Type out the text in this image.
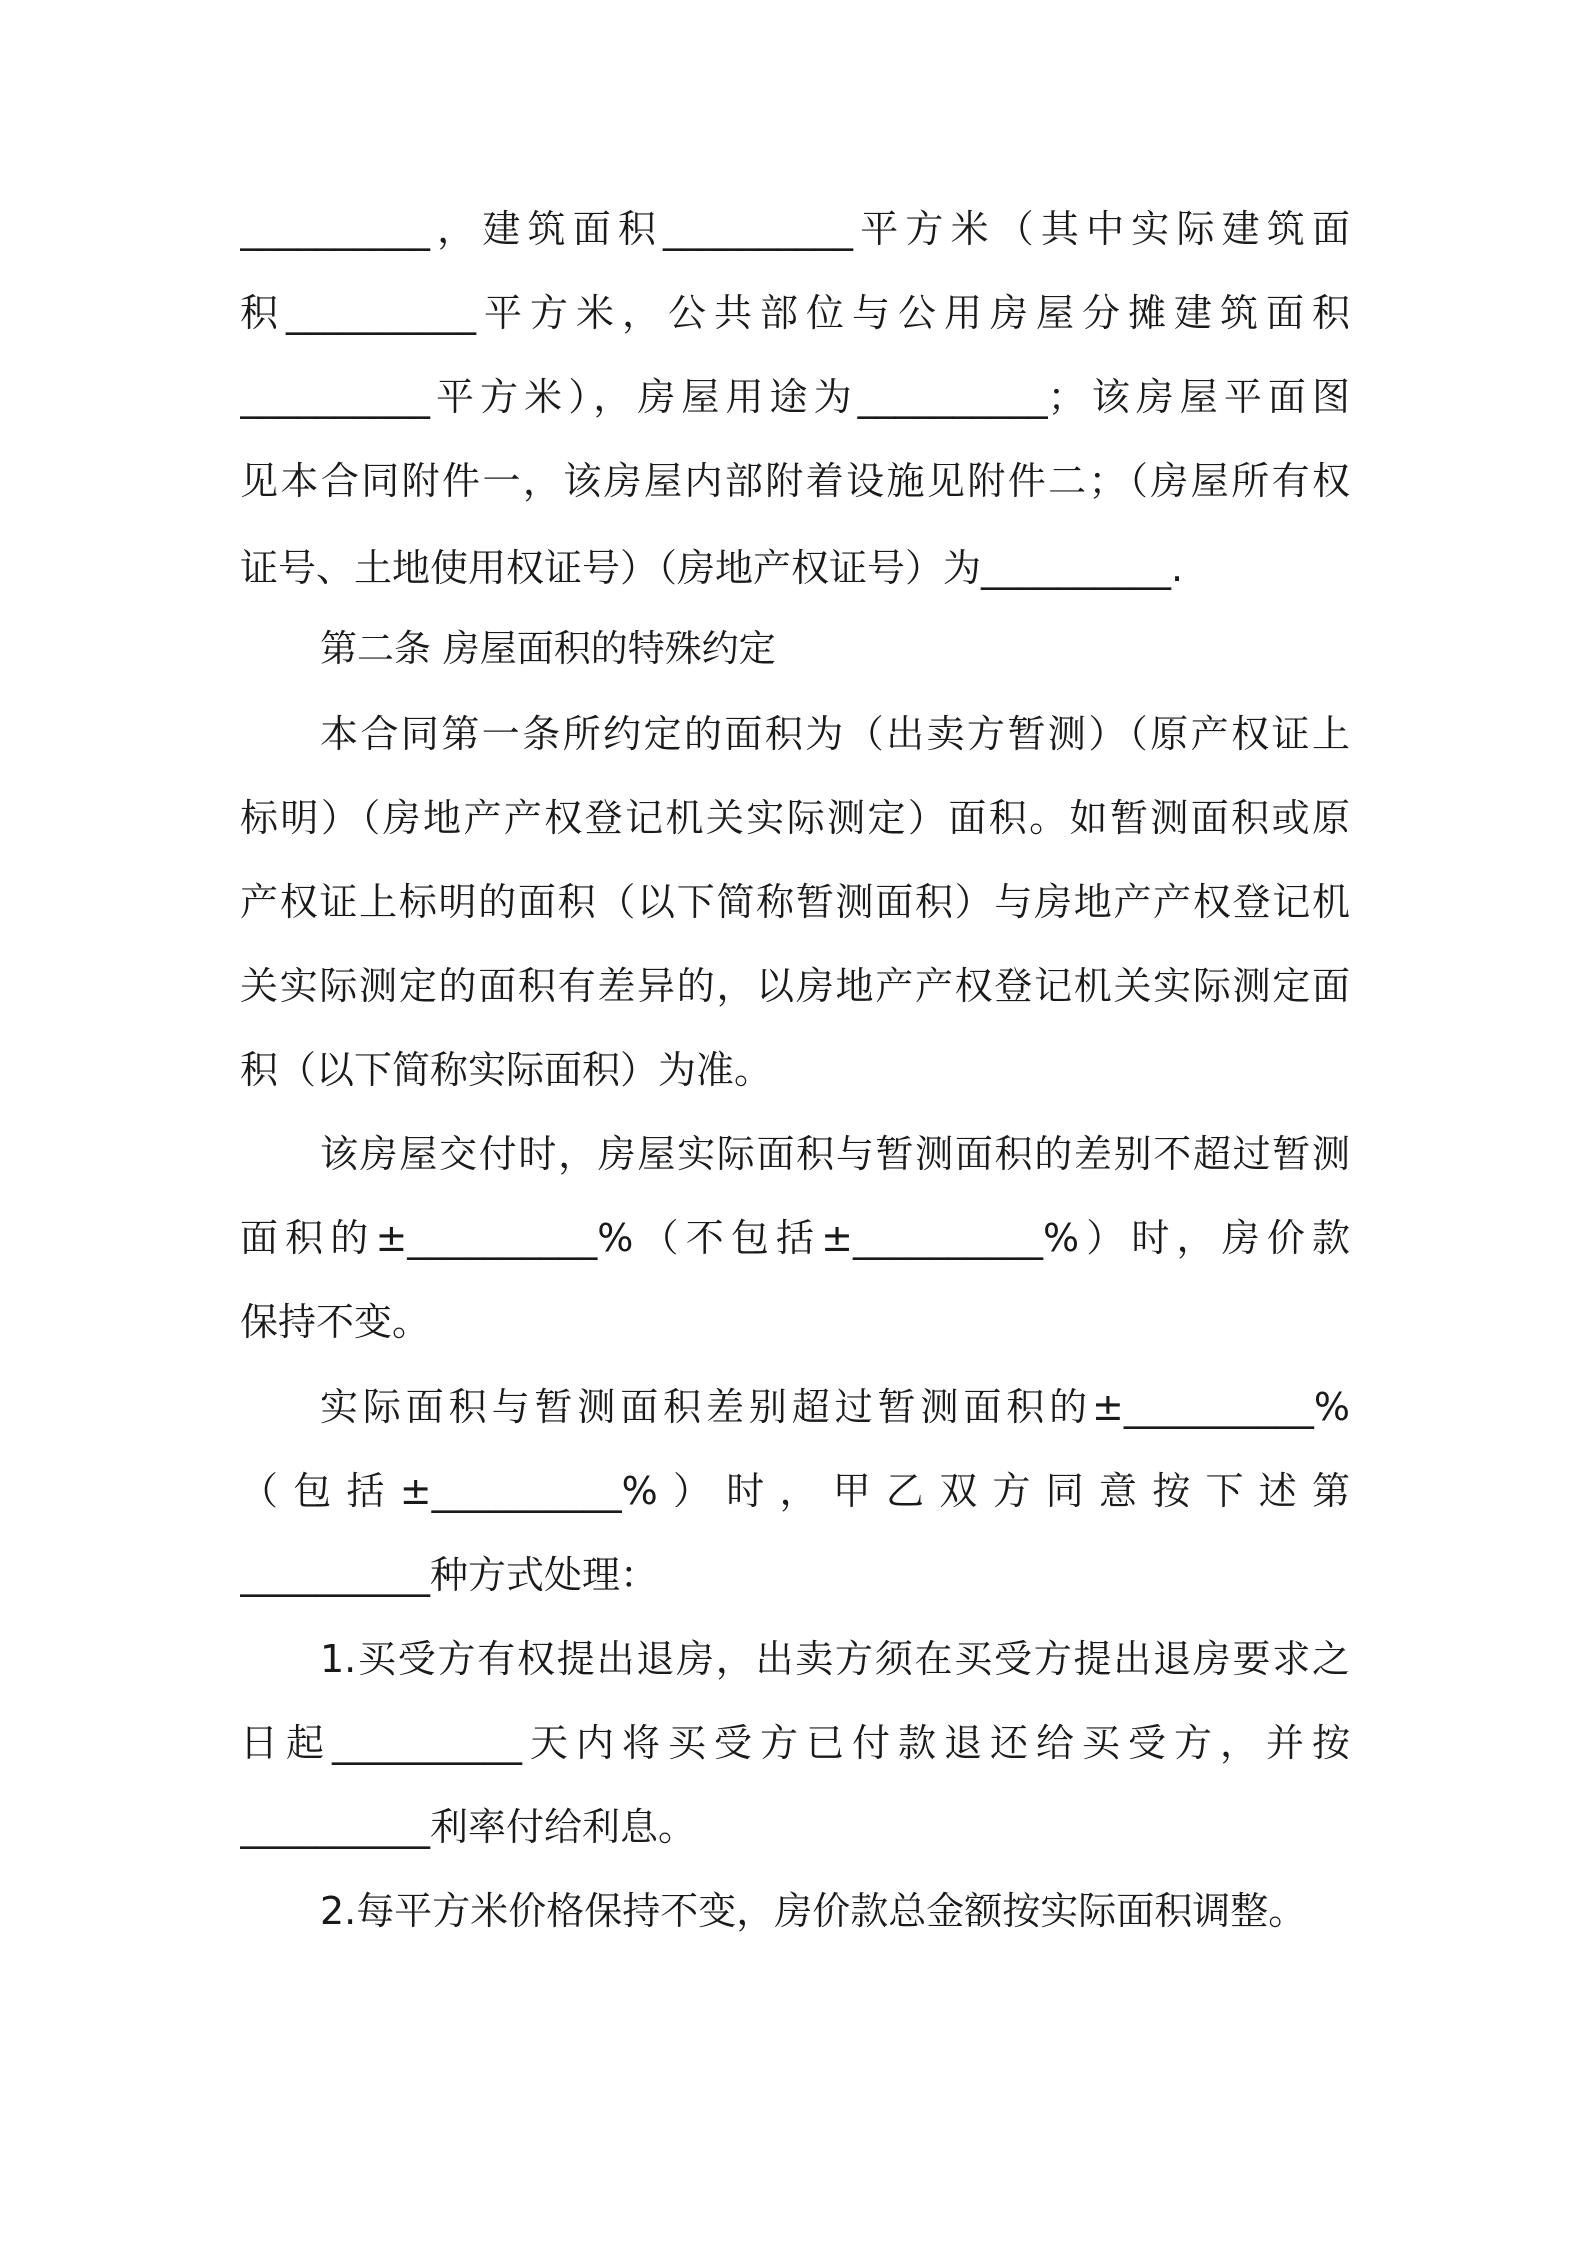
__________，建筑面积__________平方米（其中实际建筑面
积__________平方米，公共部位与公用房屋分摊建筑面积
__________平方米），房屋用途为__________；该房屋平面图
见本合同附件一，该房屋内部附着设施见附件二；（房屋所有权
证号、土地使用权证号）（房地产权证号）为__________.
第二条 房屋面积的特殊约定
本合同第一条所约定的面积为（出卖方暂测）（原产权证上
标明）（房地产产权登记机关实际测定）面积。如暂测面积或原
产权证上标明的面积（以下简称暂测面积）与房地产产权登记机
关实际测定的面积有差异的，以房地产产权登记机关实际测定面
积（以下简称实际面积）为准。
该房屋交付时，房屋实际面积与暂测面积的差别不超过暂测
面积的±__________%（不包括±__________%）时，房价款
保持不变。
实际面积与暂测面积差别超过暂测面积的±__________%
（包括±__________%）时，甲乙双方同意按下述第
__________种方式处理：
1.买受方有权提出退房，出卖方须在买受方提出退房要求之
日起__________天内将买受方已付款退还给买受方，并按
__________利率付给利息。
2.每平方米价格保持不变，房价款总金额按实际面积调整。
